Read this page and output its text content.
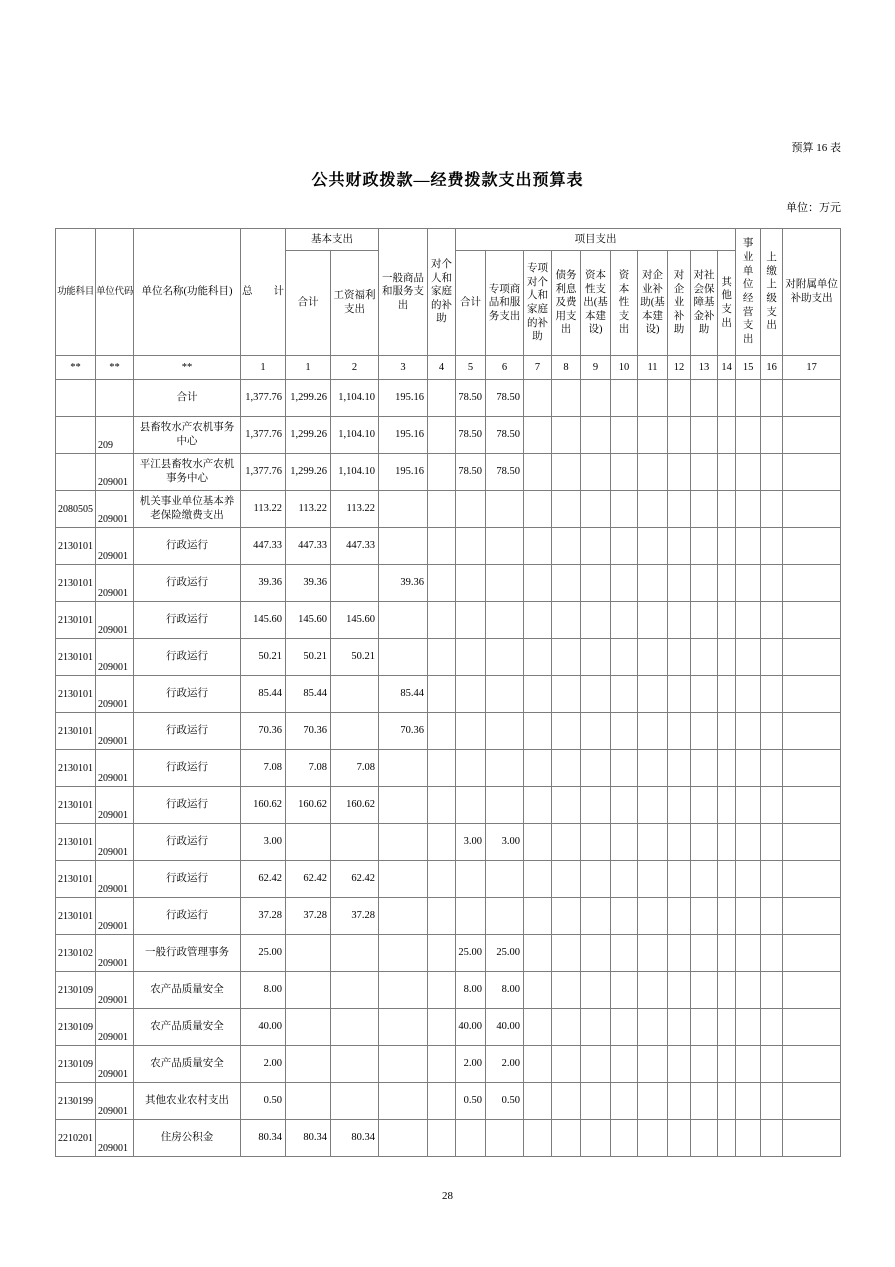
预算 16 表
公共财政拨款—经费拨款支出预算表
单位：万元
功能科目	单位代码	单位名称(功能科目)	总　　计	基本支出		一般商品和服务支出	对个人和家庭的补助	项目支出										事业单位经营支出	上缴上级支出	对附属单位补助支出
				合计	工资福利支出			合计	专项商品和服务支出	专项对个人和家庭的补助	债务利息及费用支出	资本性支出(基本建设)	资本性支出	对企业补助(基本建设)	对企业补助	对社会保障基金补助	其他支出			
**	**	**	1	1	2	3	4	5	6	7	8	9	10	11	12	13	14	15	16	17
		合计	1,377.76	1,299.26	1,104.10	195.16		78.50	78.50											
	209	县畜牧水产农机事务中心	1,377.76	1,299.26	1,104.10	195.16		78.50	78.50											
	209001	平江县畜牧水产农机事务中心	1,377.76	1,299.26	1,104.10	195.16		78.50	78.50											
2080505	209001	机关事业单位基本养老保险缴费支出	113.22	113.22	113.22															
2130101	209001	行政运行	447.33	447.33	447.33															
2130101	209001	行政运行	39.36	39.36		39.36														
2130101	209001	行政运行	145.60	145.60	145.60															
2130101	209001	行政运行	50.21	50.21	50.21															
2130101	209001	行政运行	85.44	85.44		85.44														
2130101	209001	行政运行	70.36	70.36		70.36														
2130101	209001	行政运行	7.08	7.08	7.08															
2130101	209001	行政运行	160.62	160.62	160.62															
2130101	209001	行政运行	3.00					3.00	3.00											
2130101	209001	行政运行	62.42	62.42	62.42															
2130101	209001	行政运行	37.28	37.28	37.28															
2130102	209001	一般行政管理事务	25.00					25.00	25.00											
2130109	209001	农产品质量安全	8.00					8.00	8.00											
2130109	209001	农产品质量安全	40.00					40.00	40.00											
2130109	209001	农产品质量安全	2.00					2.00	2.00											
2130199	209001	其他农业农村支出	0.50					0.50	0.50											
2210201	209001	住房公积金	80.34	80.34	80.34															
28
